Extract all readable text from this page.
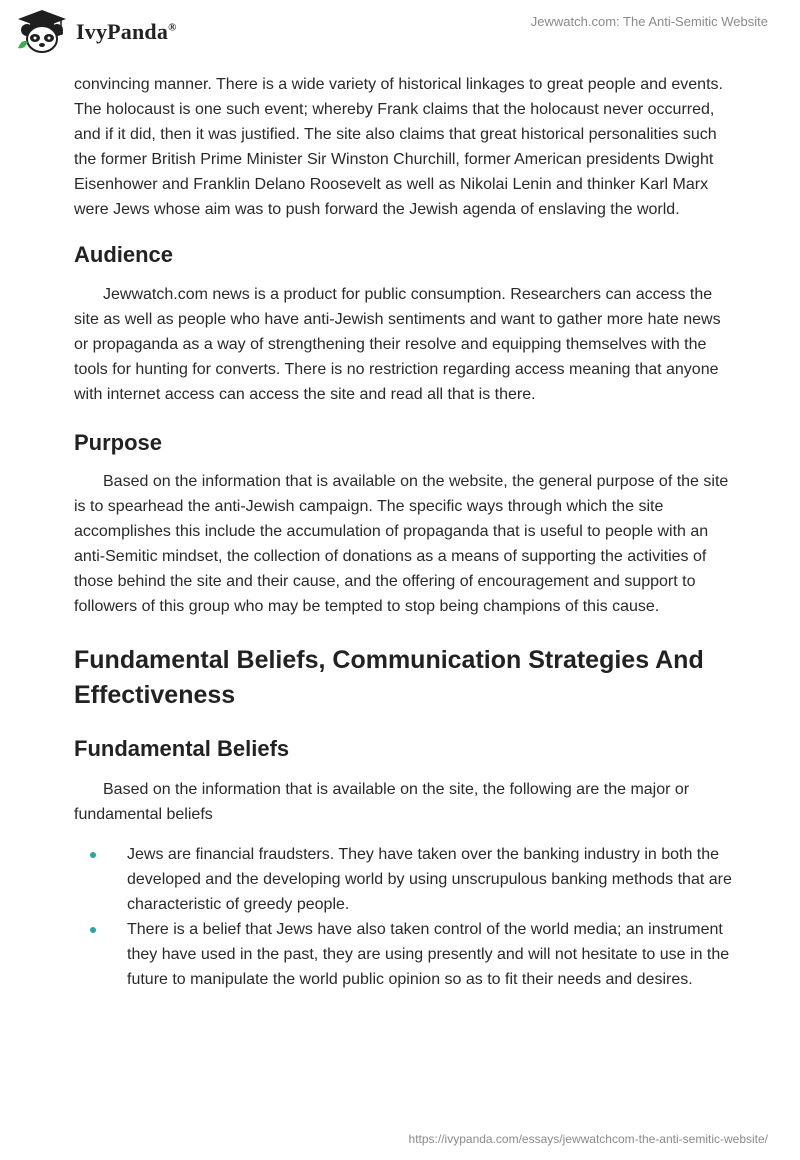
IvyPanda®	Jewwatch.com: The Anti-Semitic Website

convincing manner. There is a wide variety of historical linkages to great people and events. The holocaust is one such event; whereby Frank claims that the holocaust never occurred, and if it did, then it was justified. The site also claims that great historical personalities such the former British Prime Minister Sir Winston Churchill, former American presidents Dwight Eisenhower and Franklin Delano Roosevelt as well as Nikolai Lenin and thinker Karl Marx were Jews whose aim was to push forward the Jewish agenda of enslaving the world.

Audience

Jewwatch.com news is a product for public consumption. Researchers can access the site as well as people who have anti-Jewish sentiments and want to gather more hate news or propaganda as a way of strengthening their resolve and equipping themselves with the tools for hunting for converts. There is no restriction regarding access meaning that anyone with internet access can access the site and read all that is there.

Purpose

Based on the information that is available on the website, the general purpose of the site is to spearhead the anti-Jewish campaign. The specific ways through which the site accomplishes this include the accumulation of propaganda that is useful to people with an anti-Semitic mindset, the collection of donations as a means of supporting the activities of those behind the site and their cause, and the offering of encouragement and support to followers of this group who may be tempted to stop being champions of this cause.

Fundamental Beliefs, Communication Strategies And Effectiveness
Fundamental Beliefs

Based on the information that is available on the site, the following are the major or fundamental beliefs

Jews are financial fraudsters. They have taken over the banking industry in both the developed and the developing world by using unscrupulous banking methods that are characteristic of greedy people.
There is a belief that Jews have also taken control of the world media; an instrument they have used in the past, they are using presently and will not hesitate to use in the future to manipulate the world public opinion so as to fit their needs and desires.
https://ivypanda.com/essays/jewwatchcom-the-anti-semitic-website/
